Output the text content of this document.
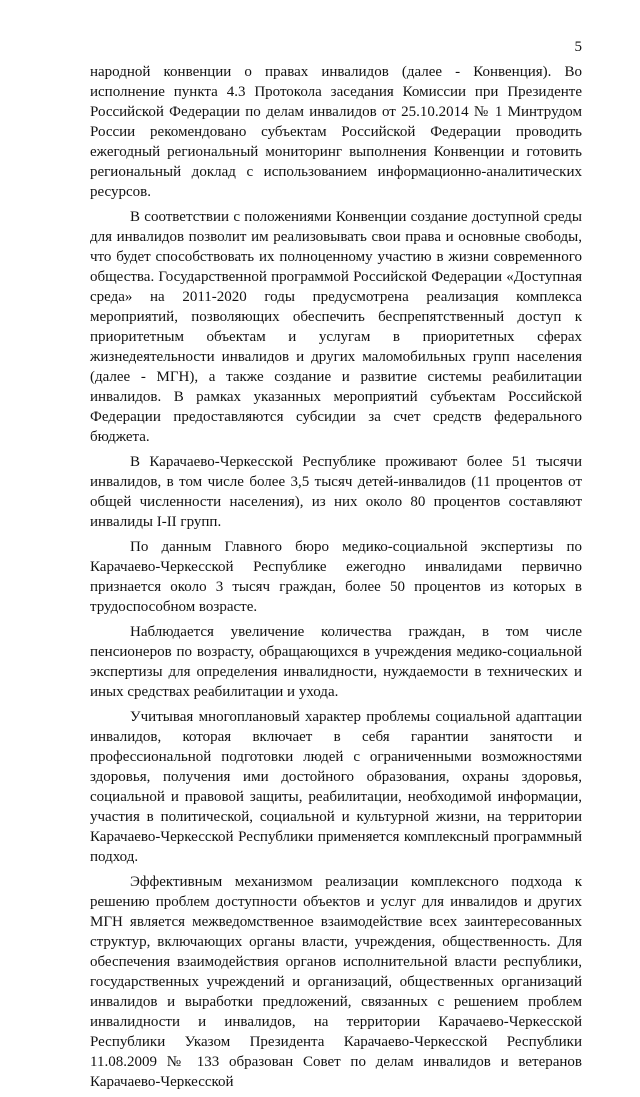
5

народной конвенции о правах инвалидов (далее - Конвенция). Во исполнение пункта 4.3 Протокола заседания Комиссии при Президенте Российской Федерации по делам инвалидов от 25.10.2014 № 1 Минтрудом России рекомендовано субъектам Российской Федерации проводить ежегодный региональный мониторинг выполнения Конвенции и готовить региональный доклад с использованием информационно-аналитических ресурсов.

В соответствии с положениями Конвенции создание доступной среды для инвалидов позволит им реализовывать свои права и основные свободы, что будет способствовать их полноценному участию в жизни современного общества. Государственной программой Российской Федерации «Доступная среда» на 2011-2020 годы предусмотрена реализация комплекса мероприятий, позволяющих обеспечить беспрепятственный доступ к приоритетным объектам и услугам в приоритетных сферах жизнедеятельности инвалидов и других маломобильных групп населения (далее - МГН), а также создание и развитие системы реабилитации инвалидов. В рамках указанных мероприятий субъектам Российской Федерации предоставляются субсидии за счет средств федерального бюджета.

В Карачаево-Черкесской Республике проживают более 51 тысячи инвалидов, в том числе более 3,5 тысяч детей-инвалидов (11 процентов от общей численности населения), из них около 80 процентов составляют инвалиды I-II групп.

По данным Главного бюро медико-социальной экспертизы по Карачаево-Черкесской Республике ежегодно инвалидами первично признается около 3 тысяч граждан, более 50 процентов из которых в трудоспособном возрасте.

Наблюдается увеличение количества граждан, в том числе пенсионеров по возрасту, обращающихся в учреждения медико-социальной экспертизы для определения инвалидности, нуждаемости в технических и иных средствах реабилитации и ухода.

Учитывая многоплановый характер проблемы социальной адаптации инвалидов, которая включает в себя гарантии занятости и профессиональной подготовки людей с ограниченными возможностями здоровья, получения ими достойного образования, охраны здоровья, социальной и правовой защиты, реабилитации, необходимой информации, участия в политической, социальной и культурной жизни, на территории Карачаево-Черкесской Республики применяется комплексный программный подход.

Эффективным механизмом реализации комплексного подхода к решению проблем доступности объектов и услуг для инвалидов и других МГН является межведомственное взаимодействие всех заинтересованных структур, включающих органы власти, учреждения, общественность. Для обеспечения взаимодействия органов исполнительной власти республики, государственных учреждений и организаций, общественных организаций инвалидов и выработки предложений, связанных с решением проблем инвалидности и инвалидов, на территории Карачаево-Черкесской Республики Указом Президента Карачаево-Черкесской Республики 11.08.2009 № 133 образован Совет по делам инвалидов и ветеранов Карачаево-Черкесской
